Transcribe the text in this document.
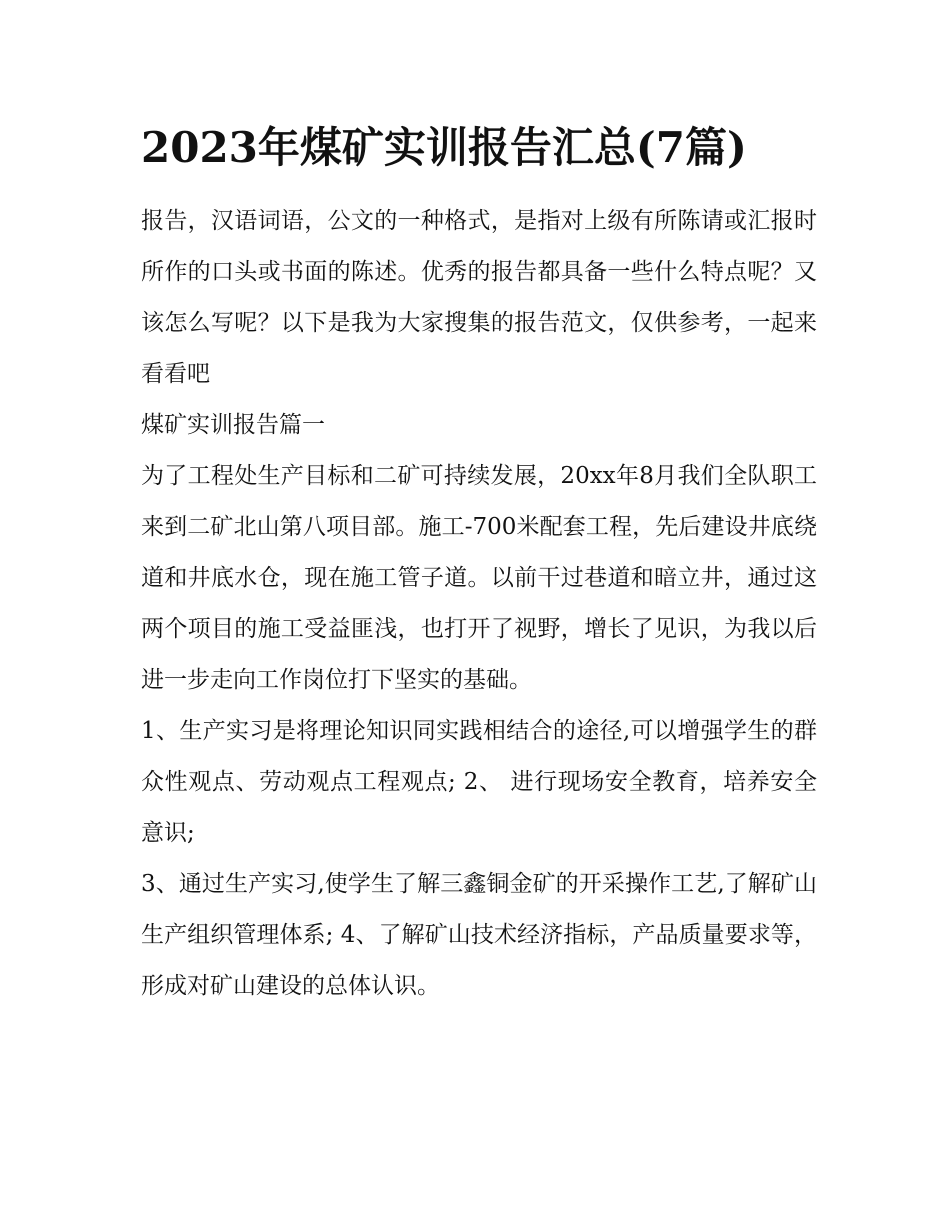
2023年煤矿实训报告汇总(7篇)

报告，汉语词语，公文的一种格式，是指对上级有所陈请或汇报时所作的口头或书面的陈述。优秀的报告都具备一些什么特点呢？又该怎么写呢？以下是我为大家搜集的报告范文，仅供参考，一起来看看吧

煤矿实训报告篇一

为了工程处生产目标和二矿可持续发展，20xx年8月我们全队职工来到二矿北山第八项目部。施工-700米配套工程，先后建设井底绕道和井底水仓，现在施工管子道。以前干过巷道和暗立井，通过这两个项目的施工受益匪浅，也打开了视野，增长了见识，为我以后进一步走向工作岗位打下坚实的基础。

1、生产实习是将理论知识同实践相结合的途径,可以增强学生的群众性观点、劳动观点工程观点; 2、 进行现场安全教育，培养安全意识;

3、通过生产实习,使学生了解三鑫铜金矿的开采操作工艺,了解矿山生产组织管理体系; 4、了解矿山技术经济指标，产品质量要求等，形成对矿山建设的总体认识。
